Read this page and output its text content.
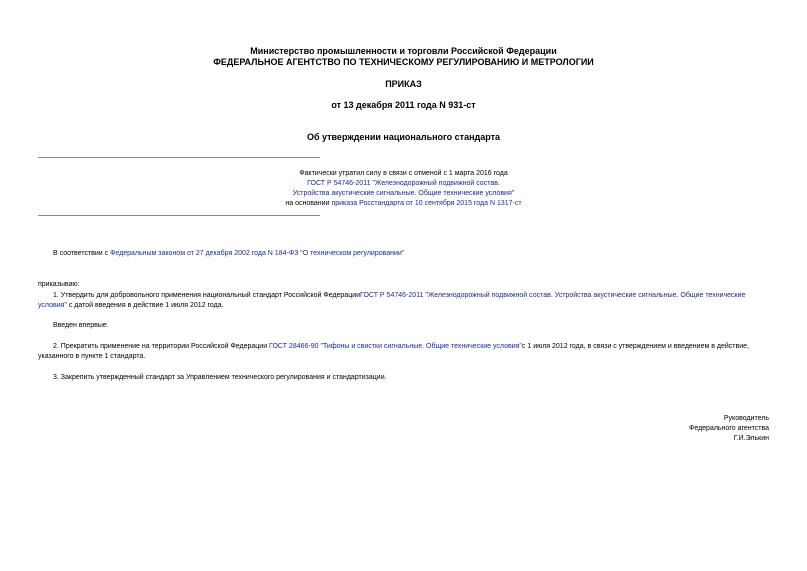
Министерство промышленности и торговли Российской Федерации
ФЕДЕРАЛЬНОЕ АГЕНТСТВО ПО ТЕХНИЧЕСКОМУ РЕГУЛИРОВАНИЮ И МЕТРОЛОГИИ
ПРИКАЗ
от 13 декабря 2011 года N 931-ст
Об утверждении национального стандарта
Фактически утратил силу в связи с отменой с 1 марта 2016 года
ГОСТ Р 54746-2011 "Железнодорожный подвижной состав.
Устройства акустические сигнальные. Общие технические условия"
на основании приказа Росстандарта от 10 сентября 2015 года N 1317-ст
В соответствии с Федеральным законом от 27 декабря 2002 года N 184-ФЗ "О техническом регулировании"
приказываю:
1. Утвердить для добровольного применения национальный стандарт Российской ФедерацииГОСТ Р 54746-2011 "Железнодорожный подвижной состав. Устройства акустические сигнальные. Общие технические условия" с датой введения в действие 1 июля 2012 года.
Введен впервые.
2. Прекратить применение на территории Российской Федерации ГОСТ 28466-90 "Тифоны и свистки сигнальные. Общие технические условия"с 1 июля 2012 года, в связи с утверждением и введением в действие, указанного в пункте 1 стандарта.
3. Закрепить утвержденный стандарт за Управлением технического регулирования и стандартизации.
Руководитель
Федерального агентства
Г.И.Элькин
